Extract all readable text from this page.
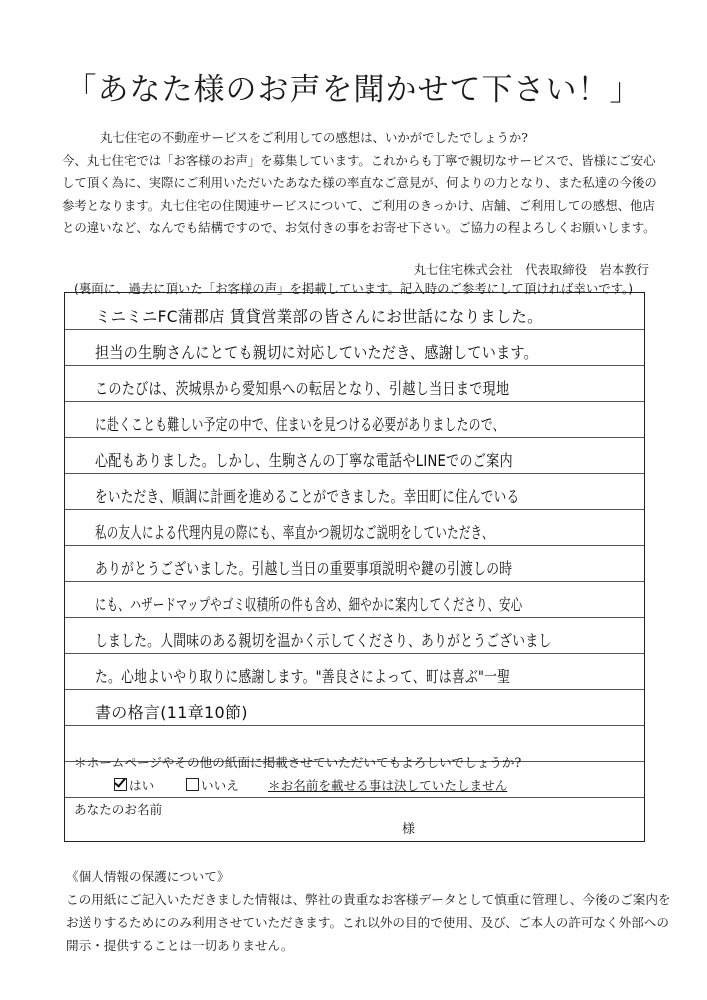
「あなた様のお声を聞かせて下さい！」
丸七住宅の不動産サービスをご利用しての感想は、いかがでしたでしょうか?
今、丸七住宅では「お客様のお声」を募集しています。これからも丁寧で親切なサービスで、皆様にご安心
して頂く為に、実際にご利用いただいたあなた様の率直なご意見が、何よりの力となり、また私達の今後の
参考となります。丸七住宅の住関連サービスについて、ご利用のきっかけ、店舗、ご利用しての感想、他店
との違いなど、なんでも結構ですので、お気付きの事をお寄せ下さい。ご協力の程よろしくお願いします。
丸七住宅株式会社　代表取締役　岩本教行
(裏面に、過去に頂いた「お客様の声」を掲載しています。記入時のご参考にして頂ければ幸いです。)
ミニミニFC蒲郡店 賃貸営業部の皆さんにお世話になりました。
担当の生駒さんにとても親切に対応していただき、感謝しています。
このたびは、茨城県から愛知県への転居となり、引越し当日まで現地
に赴くことも難しい予定の中で、住まいを見つける必要がありましたので、
心配もありました。しかし、生駒さんの丁寧な電話やLINEでのご案内
をいただき、順調に計画を進めることができました。幸田町に住んでいる
私の友人による代理内見の際にも、率直かつ親切なご説明をしていただき、
ありがとうございました。引越し当日の重要事項説明や鍵の引渡しの時
にも、ハザードマップやゴミ収積所の件も含め、細やかに案内してくださり、安心
しました。人間味のある親切を温かく示してくださり、ありがとうございまし
た。心地よいやり取りに感謝します。"善良さによって、町は喜ぶ"一聖
書の格言(11章10節)
＊ホームページやその他の紙面に掲載させていただいてもよろしいでしょうか?
はい	いいえ ＊お名前を載せる事は決していたしません
あなたのお名前
様
《個人情報の保護について》
この用紙にご記入いただきました情報は、弊社の貴重なお客様データとして慎重に管理し、今後のご案内を
お送りするためにのみ利用させていただきます。これ以外の目的で使用、及び、ご本人の許可なく外部への
開示・提供することは一切ありません。
